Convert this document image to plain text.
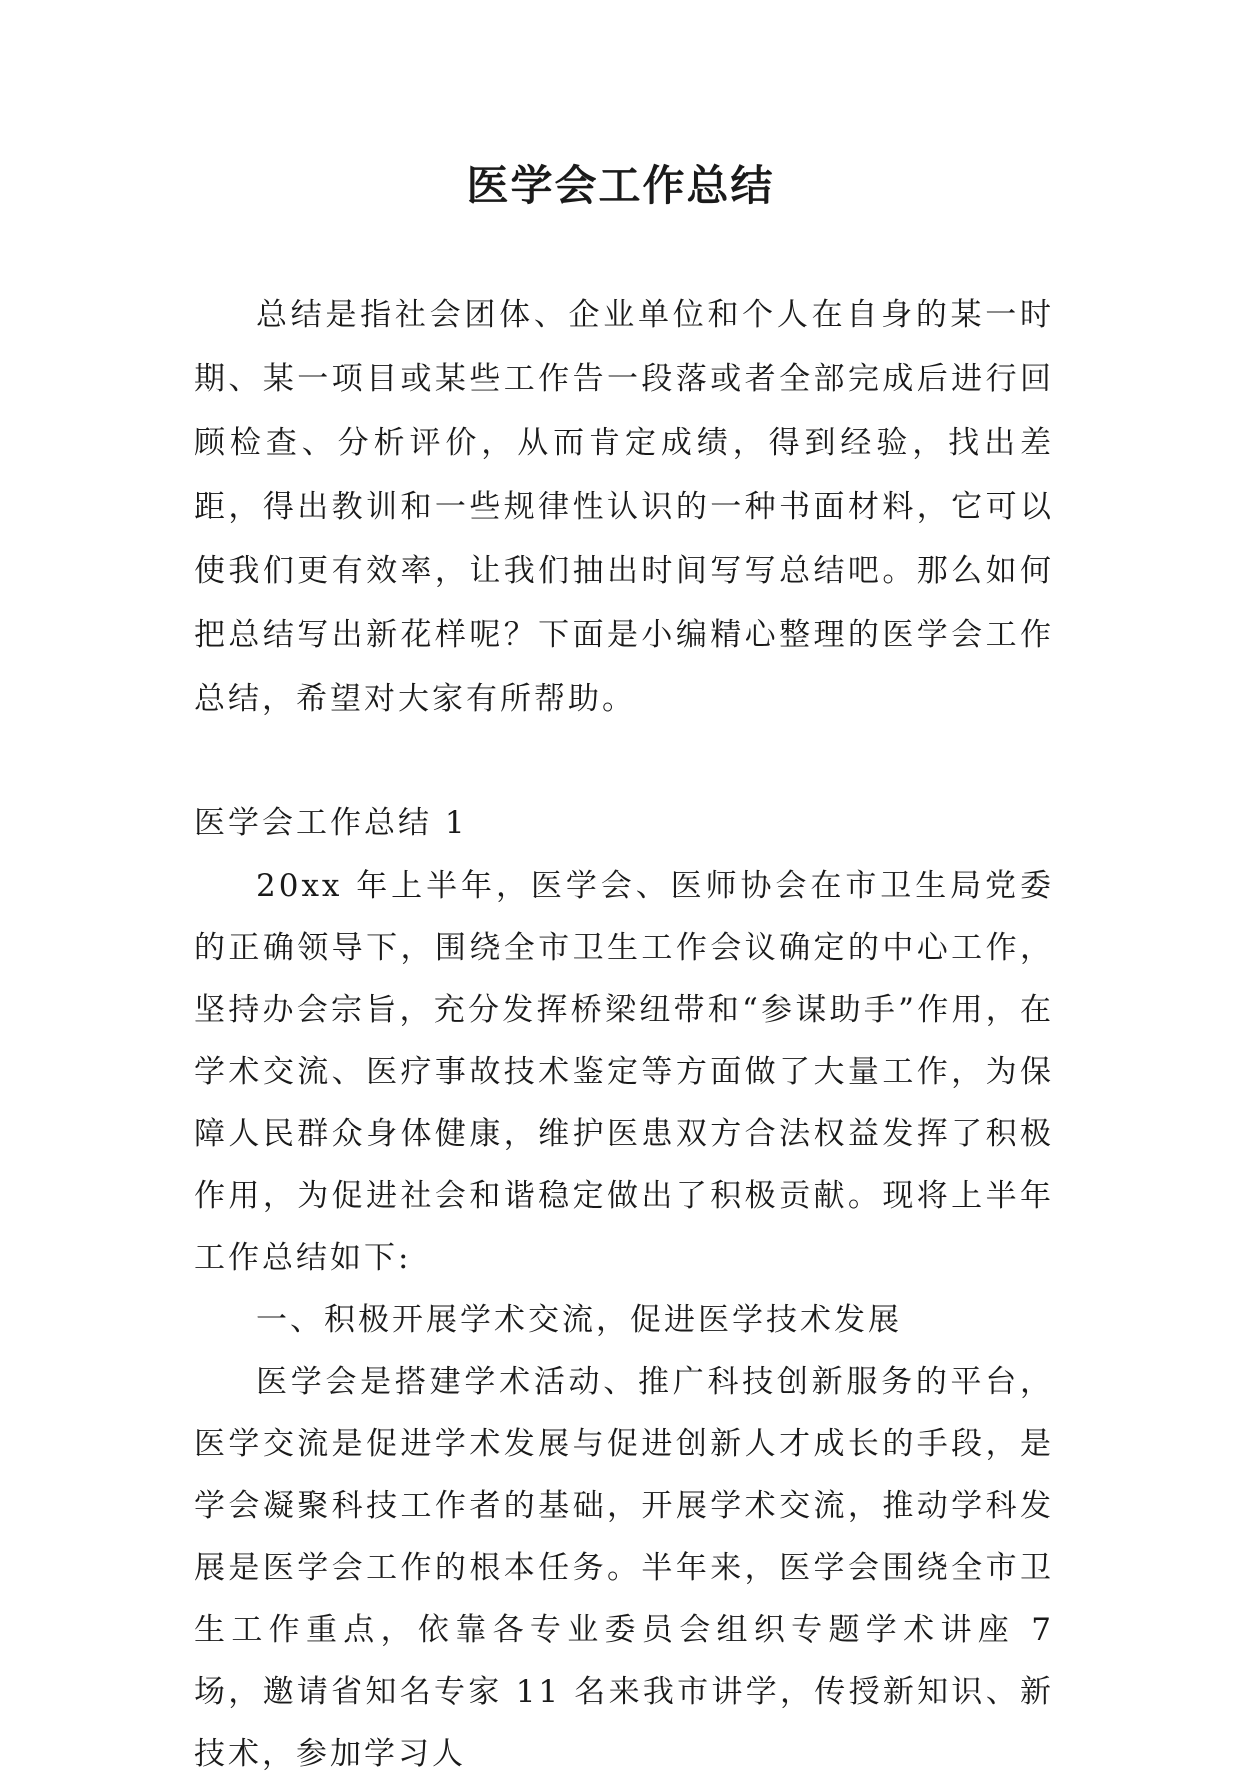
医学会工作总结

总结是指社会团体、企业单位和个人在自身的某一时期、某一项目或某些工作告一段落或者全部完成后进行回顾检查、分析评价，从而肯定成绩，得到经验，找出差距，得出教训和一些规律性认识的一种书面材料，它可以使我们更有效率，让我们抽出时间写写总结吧。那么如何把总结写出新花样呢？下面是小编精心整理的医学会工作总结，希望对大家有所帮助。

医学会工作总结 1

20xx 年上半年，医学会、医师协会在市卫生局党委的正确领导下，围绕全市卫生工作会议确定的中心工作，坚持办会宗旨，充分发挥桥梁纽带和“参谋助手”作用，在学术交流、医疗事故技术鉴定等方面做了大量工作，为保障人民群众身体健康，维护医患双方合法权益发挥了积极作用，为促进社会和谐稳定做出了积极贡献。现将上半年工作总结如下:

一、积极开展学术交流，促进医学技术发展

医学会是搭建学术活动、推广科技创新服务的平台，医学交流是促进学术发展与促进创新人才成长的手段，是学会凝聚科技工作者的基础，开展学术交流，推动学科发展是医学会工作的根本任务。半年来，医学会围绕全市卫生工作重点，依靠各专业委员会组织专题学术讲座 7 场，邀请省知名专家 11 名来我市讲学，传授新知识、新技术，参加学习人
